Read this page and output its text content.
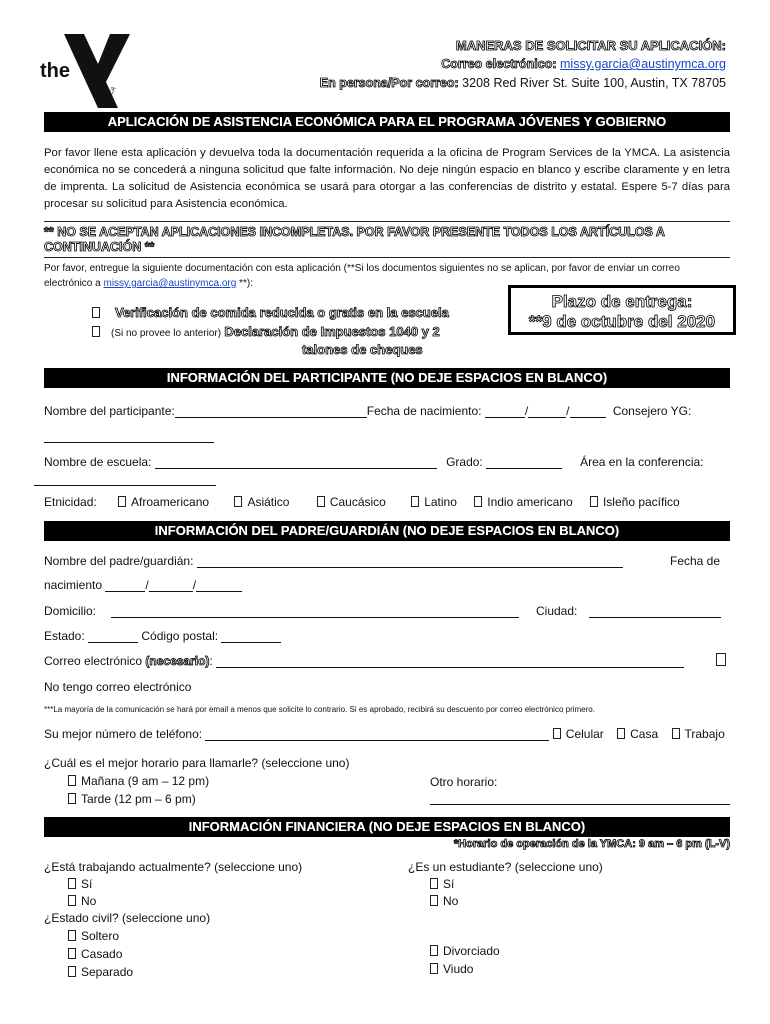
the
YMCA
MANERAS DE SOLICITAR SU APLICACIÓN:
Correo electrónico: missy.garcia@austinymca.org
En persona/Por correo: 3208 Red River St. Suite 100, Austin, TX 78705
APLICACIÓN DE ASISTENCIA ECONÓMICA PARA EL PROGRAMA JÓVENES Y GOBIERNO
Por favor llene esta aplicación y devuelva toda la documentación requerida a la oficina de Program Services de la YMCA. La asistencia económica no se concederá a ninguna solicitud que falte información. No deje ningún espacio en blanco y escribe claramente y en letra de imprenta. La solicitud de Asistencia económica se usará para otorgar a las conferencias de distrito y estatal. Espere 5-7 días para procesar su solicitud para Asistencia económica.
** NO SE ACEPTAN APLICACIONES INCOMPLETAS. POR FAVOR PRESENTE TODOS LOS ARTÍCULOS A CONTINUACIÓN **
Por favor, entregue la siguiente documentación con esta aplicación (**Si los documentos siguientes no se aplican, por favor de enviar un correo electrónico a missy.garcia@austinymca.org **):
Verificación de comida reducida o gratis en la escuela
(Si no provee lo anterior) Declaración de Impuestos 1040 y 2
talones de cheques
Plazo de entrega:
**9 de octubre del 2020
INFORMACIÓN DEL PARTICIPANTE (NO DEJE ESPACIOS EN BLANCO)
Nombre del participante:	Fecha de nacimiento:	/	/	Consejero YG:
Nombre de escuela:	Grado:	Área en la conferencia:
Etnicidad:	Afroamericano	Asiático	Caucásico	Latino	Indio americano	Isleño pacífico
INFORMACIÓN DEL PADRE/GUARDIÁN (NO DEJE ESPACIOS EN BLANCO)
Nombre del padre/guardián:	Fecha de
nacimiento	/	/
Domicilio:	Ciudad:
Estado:	Código postal:
Correo electrónico (necesario):
No tengo correo electrónico
***La mayoría de la comunicación se hará por email a menos que solicite lo contrario. Si es aprobado, recibirá su descuento por correo electrónico primero.
Su mejor número de teléfono:	Celular Casa Trabajo
¿Cuál es el mejor horario para llamarle? (seleccione uno)
Mañana (9 am – 12 pm)
Tarde (12 pm – 6 pm)
Otro horario:
INFORMACIÓN FINANCIERA (NO DEJE ESPACIOS EN BLANCO)
*Horario de operación de la YMCA: 9 am – 6 pm (L-V)
¿Está trabajando actualmente? (seleccione uno)
Sí
No
¿Es un estudiante? (seleccione uno)
Sí
No
¿Estado civil? (seleccione uno)
Soltero
Casado
Separado
Divorciado
Viudo
